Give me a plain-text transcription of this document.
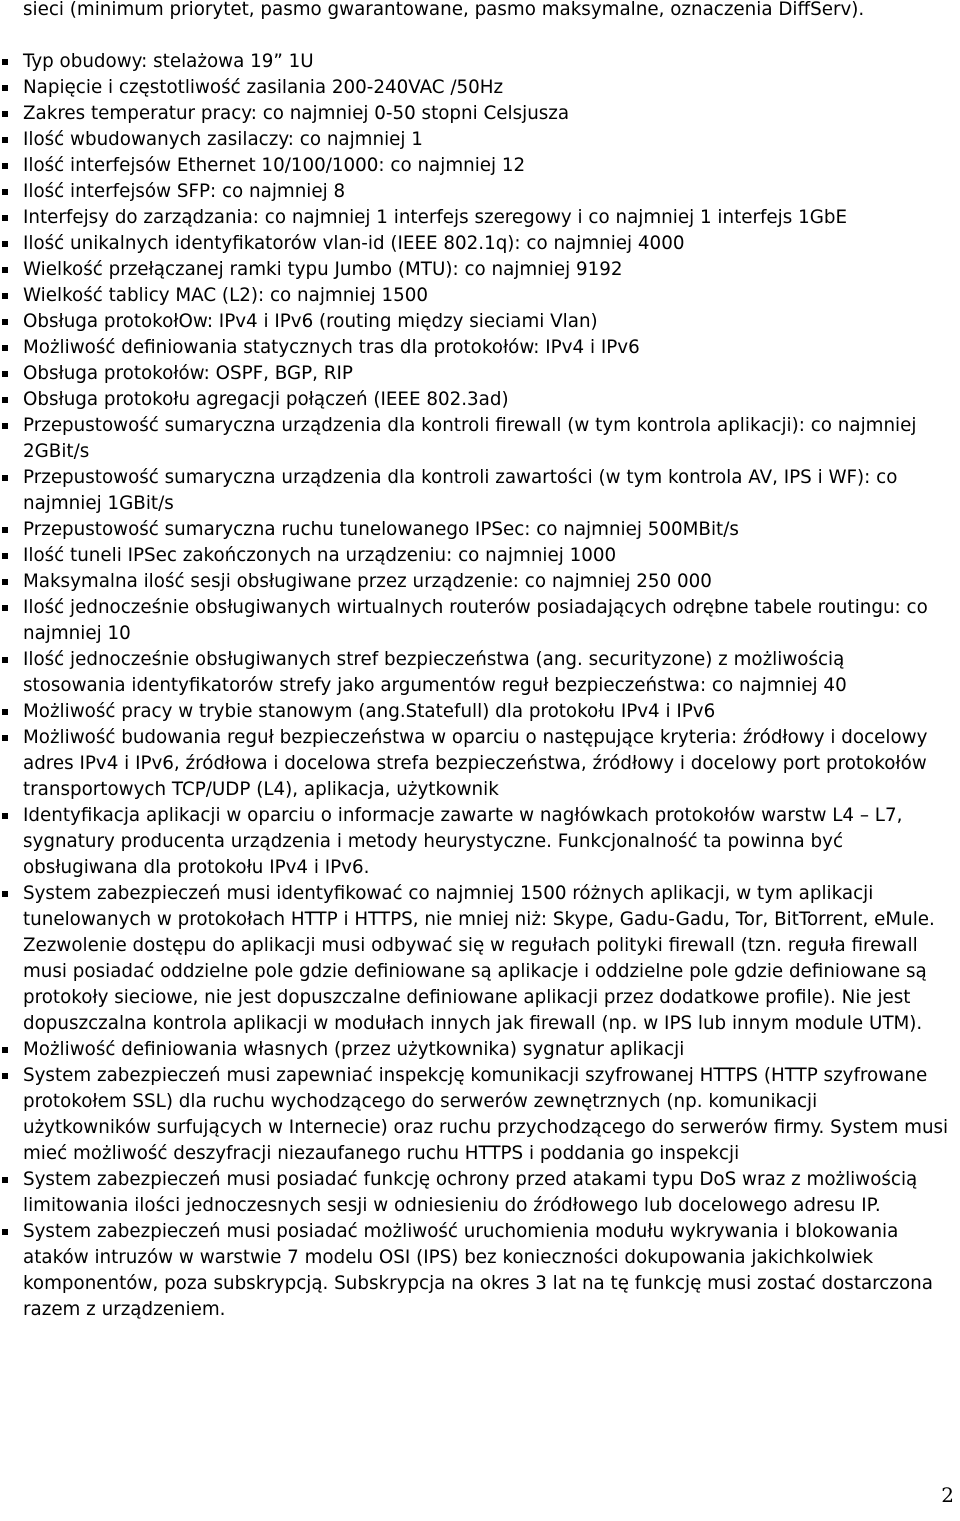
sieci (minimum priorytet, pasmo gwarantowane, pasmo maksymalne, oznaczenia DiffServ).

Typ obudowy: stelażowa 19” 1U
Napięcie i częstotliwość zasilania 200-240VAC /50Hz
Zakres temperatur pracy: co najmniej 0-50 stopni Celsjusza
Ilość wbudowanych zasilaczy: co najmniej 1
Ilość interfejsów Ethernet 10/100/1000: co najmniej 12
Ilość interfejsów SFP: co najmniej 8
Interfejsy do zarządzania: co najmniej 1 interfejs szeregowy i co najmniej 1 interfejs 1GbE
Ilość unikalnych identyfikatorów vlan-id (IEEE 802.1q): co najmniej 4000
Wielkość przełączanej ramki typu Jumbo (MTU): co najmniej 9192
Wielkość tablicy MAC (L2): co najmniej 1500
Obsługa protokołOw: IPv4 i IPv6 (routing między sieciami Vlan)
Możliwość definiowania statycznych tras dla protokołów: IPv4 i IPv6
Obsługa protokołów: OSPF, BGP, RIP
Obsługa protokołu agregacji połączeń (IEEE 802.3ad)
Przepustowość sumaryczna urządzenia dla kontroli firewall (w tym kontrola aplikacji): co najmniej 2GBit/s
Przepustowość sumaryczna urządzenia dla kontroli zawartości (w tym kontrola AV, IPS i WF): co najmniej 1GBit/s
Przepustowość sumaryczna ruchu tunelowanego IPSec: co najmniej 500MBit/s
Ilość tuneli IPSec zakończonych na urządzeniu: co najmniej 1000
Maksymalna ilość sesji obsługiwane przez urządzenie: co najmniej 250 000
Ilość jednocześnie obsługiwanych wirtualnych routerów posiadających odrębne tabele routingu: co najmniej 10
Ilość jednocześnie obsługiwanych stref bezpieczeństwa (ang. securityzone) z możliwością stosowania identyfikatorów strefy jako argumentów reguł bezpieczeństwa: co najmniej 40
Możliwość pracy w trybie stanowym (ang.Statefull) dla protokołu IPv4 i IPv6
Możliwość budowania reguł bezpieczeństwa w oparciu o następujące kryteria: źródłowy i docelowy adres IPv4 i IPv6, źródłowa i docelowa strefa bezpieczeństwa, źródłowy i docelowy port protokołów transportowych TCP/UDP (L4), aplikacja, użytkownik
Identyfikacja aplikacji w oparciu o informacje zawarte w nagłówkach protokołów warstw L4 – L7, sygnatury producenta urządzenia i metody heurystyczne. Funkcjonalność ta powinna być obsługiwana dla protokołu IPv4 i IPv6.
System zabezpieczeń musi identyfikować co najmniej 1500 różnych aplikacji, w tym aplikacji tunelowanych w protokołach HTTP i HTTPS, nie mniej niż: Skype, Gadu-Gadu, Tor, BitTorrent, eMule. Zezwolenie dostępu do aplikacji musi odbywać się w regułach polityki firewall (tzn. reguła firewall musi posiadać oddzielne pole gdzie definiowane są aplikacje i oddzielne pole gdzie definiowane są protokoły sieciowe, nie jest dopuszczalne definiowane aplikacji przez dodatkowe profile). Nie jest dopuszczalna kontrola aplikacji w modułach innych jak firewall (np. w IPS lub innym module UTM).
Możliwość definiowania własnych (przez użytkownika) sygnatur aplikacji
System zabezpieczeń musi zapewniać inspekcję komunikacji szyfrowanej HTTPS (HTTP szyfrowane protokołem SSL) dla ruchu wychodzącego do serwerów zewnętrznych (np. komunikacji użytkowników surfujących w Internecie) oraz ruchu przychodzącego do serwerów firmy. System musi mieć możliwość deszyfracji niezaufanego ruchu HTTPS i poddania go inspekcji
System zabezpieczeń musi posiadać funkcję ochrony przed atakami typu DoS wraz z możliwością limitowania ilości jednoczesnych sesji w odniesieniu do źródłowego lub docelowego adresu IP.
System zabezpieczeń musi posiadać możliwość uruchomienia modułu wykrywania i blokowania ataków intruzów w warstwie 7 modelu OSI (IPS) bez konieczności dokupowania jakichkolwiek komponentów, poza subskrypcją. Subskrypcja na okres 3 lat na tę funkcję musi zostać dostarczona razem z urządzeniem.
2
